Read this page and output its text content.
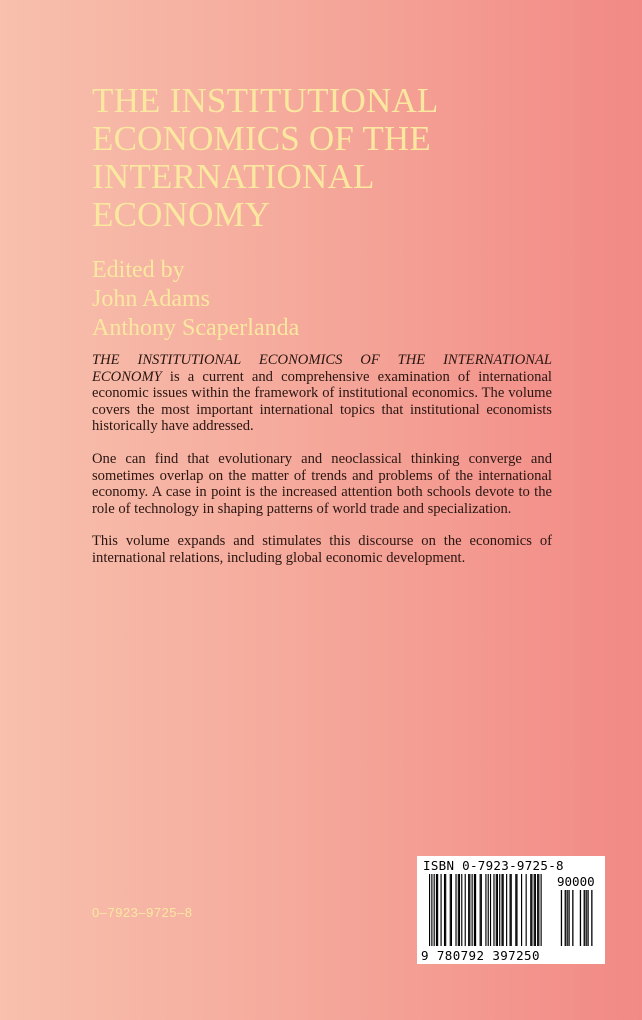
THE INSTITUTIONAL
ECONOMICS OF THE
INTERNATIONAL
ECONOMY
Edited by
John Adams
Anthony Scaperlanda

THE INSTITUTIONAL ECONOMICS OF THE INTERNATIONAL ECONOMY is a current and comprehensive examination of international economic issues within the framework of institutional economics. The volume covers the most important international topics that institutional economists historically have addressed.

One can find that evolutionary and neoclassical thinking converge and sometimes overlap on the matter of trends and problems of the international economy. A case in point is the increased attention both schools devote to the role of technology in shaping patterns of world trade and specialization.

This volume expands and stimulates this discourse on the economics of international relations, including global economic development.

0–7923–9725–8
ISBN 0-7923-9725-8
90000
9 780792 397250
